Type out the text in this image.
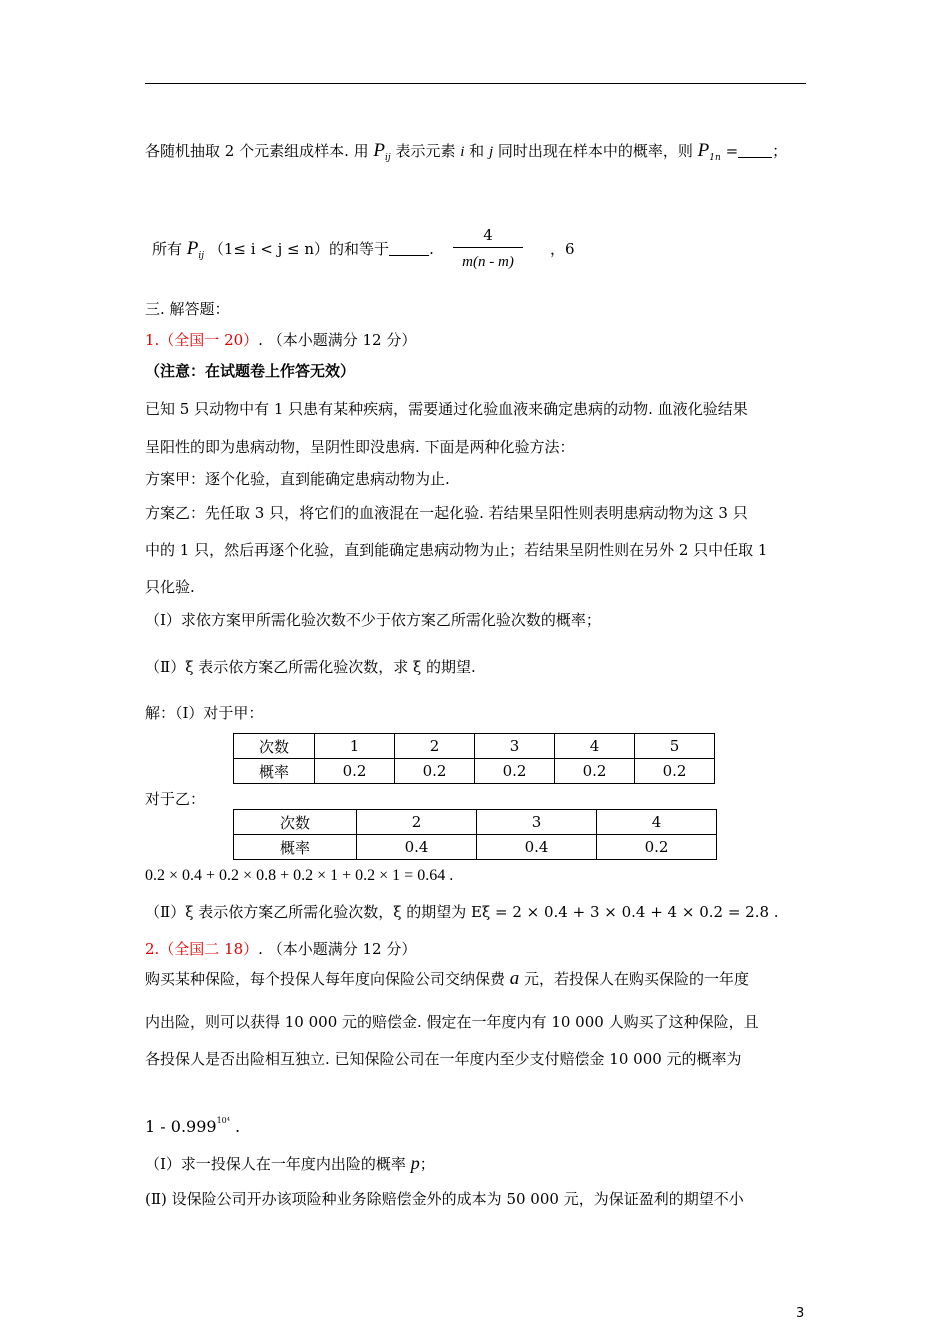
各随机抽取 2 个元素组成样本. 用 $P_{ij}$ 表示元素 i 和 j 同时出现在样本中的概率，则 $P_{1n}$ = ；
所有 $P_{ij}$ （1≤ i < j ≤ n）的和等于	. $\frac{4}{m(n - m)}$ ，6
三. 解答题：
1.（全国一 20）. （本小题满分 12 分）
（注意：在试题卷上作答无效）
已知 5 只动物中有 1 只患有某种疾病，需要通过化验血液来确定患病的动物. 血液化验结果
呈阳性的即为患病动物，呈阴性即没患病. 下面是两种化验方法：
方案甲：逐个化验，直到能确定患病动物为止.
方案乙：先任取 3 只，将它们的血液混在一起化验. 若结果呈阳性则表明患病动物为这 3 只
中的 1 只，然后再逐个化验，直到能确定患病动物为止；若结果呈阴性则在另外 2 只中任取 1
只化验.
（Ⅰ）求依方案甲所需化验次数不少于依方案乙所需化验次数的概率；
（Ⅱ）ξ 表示依方案乙所需化验次数，求 ξ 的期望.
解：（Ⅰ）对于甲：
次数	1	2	3	4	5
概率	0.2	0.2	0.2	0.2	0.2
对于乙：
次数	2	3	4
概率	0.4	0.4	0.2
0.2 × 0.4 + 0.2 × 0.8 + 0.2 × 1 + 0.2 × 1 = 0.64 .
（Ⅱ）ξ 表示依方案乙所需化验次数，ξ 的期望为 Eξ = 2 × 0.4 + 3 × 0.4 + 4 × 0.2 = 2.8 .
2.（全国二 18）. （本小题满分 12 分）
购买某种保险，每个投保人每年度向保险公司交纳保费 a 元，若投保人在购买保险的一年度
内出险，则可以获得 10 000 元的赔偿金. 假定在一年度内有 10 000 人购买了这种保险，且
各投保人是否出险相互独立. 已知保险公司在一年度内至少支付赔偿金 10 000 元的概率为
$1 - 0.999^{10^4}$ .
（Ⅰ）求一投保人在一年度内出险的概率 p；
(Ⅱ) 设保险公司开办该项险种业务除赔偿金外的成本为 50 000 元，为保证盈利的期望不小
3
